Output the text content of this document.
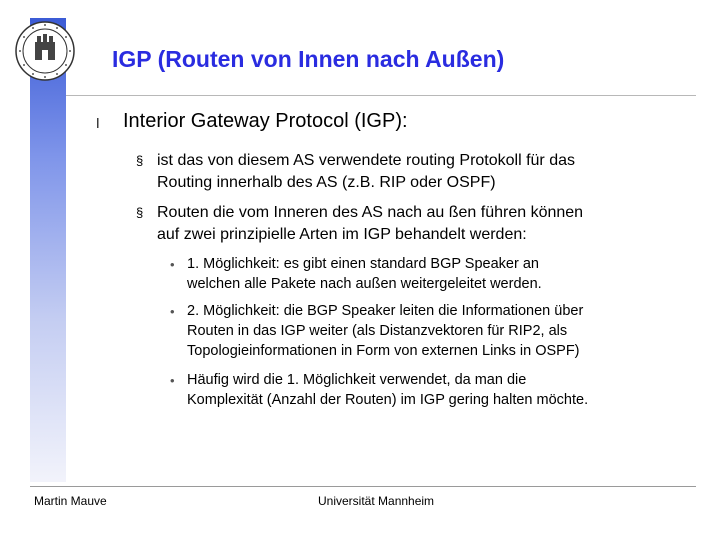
IGP (Routen von Innen nach Außen)
l Interior Gateway Protocol (IGP):
§ ist das von diesem AS verwendete routing Protokoll für das
Routing innerhalb des AS (z.B. RIP oder OSPF)
§ Routen die vom Inneren des AS nach au ßen führen können
auf zwei prinzipielle Arten im IGP behandelt werden:
• 1. Möglichkeit: es gibt einen standard BGP Speaker an
welchen alle Pakete nach außen weitergeleitet werden.
• 2. Möglichkeit: die BGP Speaker leiten die Informationen über
Routen in das IGP weiter (als Distanzvektoren für RIP2, als
Topologieinformationen in Form von externen Links in OSPF)
• Häufig wird die 1. Möglichkeit verwendet, da man die
Komplexität (Anzahl der Routen) im IGP gering halten möchte.
Martin Mauve	Universität Mannheim
